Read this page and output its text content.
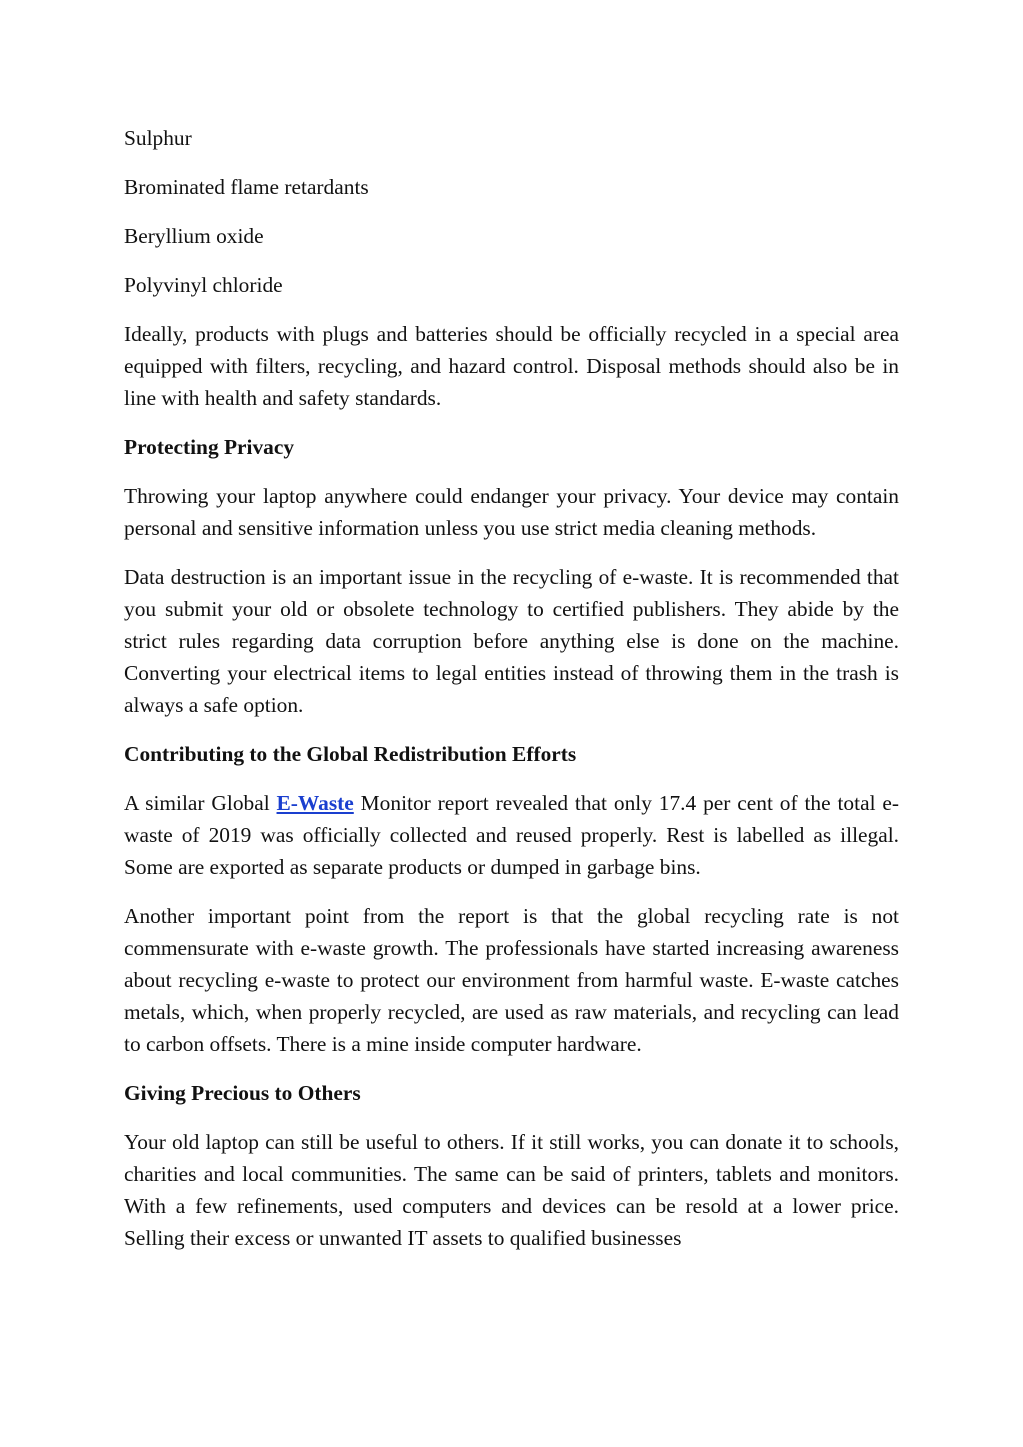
Sulphur

Brominated flame retardants

Beryllium oxide

Polyvinyl chloride

Ideally, products with plugs and batteries should be officially recycled in a special area equipped with filters, recycling, and hazard control. Disposal methods should also be in line with health and safety standards.

Protecting Privacy

Throwing your laptop anywhere could endanger your privacy. Your device may contain personal and sensitive information unless you use strict media cleaning methods.

Data destruction is an important issue in the recycling of e-waste. It is recommended that you submit your old or obsolete technology to certified publishers. They abide by the strict rules regarding data corruption before anything else is done on the machine. Converting your electrical items to legal entities instead of throwing them in the trash is always a safe option.

Contributing to the Global Redistribution Efforts

A similar Global E-Waste Monitor report revealed that only 17.4 per cent of the total e-waste of 2019 was officially collected and reused properly. Rest is labelled as illegal. Some are exported as separate products or dumped in garbage bins.

Another important point from the report is that the global recycling rate is not commensurate with e-waste growth. The professionals have started increasing awareness about recycling e-waste to protect our environment from harmful waste. E-waste catches metals, which, when properly recycled, are used as raw materials, and recycling can lead to carbon offsets. There is a mine inside computer hardware.

Giving Precious to Others

Your old laptop can still be useful to others. If it still works, you can donate it to schools, charities and local communities. The same can be said of printers, tablets and monitors. With a few refinements, used computers and devices can be resold at a lower price. Selling their excess or unwanted IT assets to qualified businesses
